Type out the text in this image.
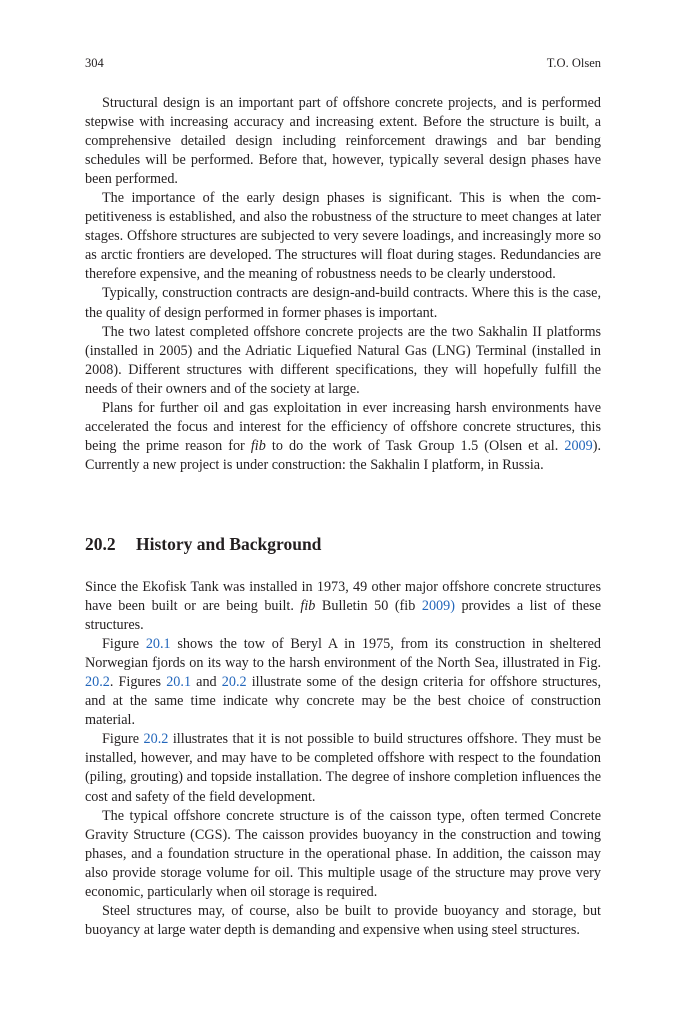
304	T.O. Olsen

Structural design is an important part of offshore concrete projects, and is performed stepwise with increasing accuracy and increasing extent. Before the structure is built, a comprehensive detailed design including reinforcement drawings and bar bending schedules will be performed. Before that, however, typically several design phases have been performed.

The importance of the early design phases is significant. This is when the competitiveness is established, and also the robustness of the structure to meet changes at later stages. Offshore structures are subjected to very severe loadings, and increasingly more so as arctic frontiers are developed. The structures will float during stages. Redundancies are therefore expensive, and the meaning of robustness needs to be clearly understood.

Typically, construction contracts are design-and-build contracts. Where this is the case, the quality of design performed in former phases is important.

The two latest completed offshore concrete projects are the two Sakhalin II platforms (installed in 2005) and the Adriatic Liquefied Natural Gas (LNG) Terminal (installed in 2008). Different structures with different specifications, they will hopefully fulfill the needs of their owners and of the society at large.

Plans for further oil and gas exploitation in ever increasing harsh environments have accelerated the focus and interest for the efficiency of offshore concrete structures, this being the prime reason for fib to do the work of Task Group 1.5 (Olsen et al. 2009). Currently a new project is under construction: the Sakhalin I platform, in Russia.

20.2 History and Background

Since the Ekofisk Tank was installed in 1973, 49 other major offshore concrete structures have been built or are being built. fib Bulletin 50 (fib 2009) provides a list of these structures.

Figure 20.1 shows the tow of Beryl A in 1975, from its construction in sheltered Norwegian fjords on its way to the harsh environment of the North Sea, illustrated in Fig. 20.2. Figures 20.1 and 20.2 illustrate some of the design criteria for offshore structures, and at the same time indicate why concrete may be the best choice of construction material.

Figure 20.2 illustrates that it is not possible to build structures offshore. They must be installed, however, and may have to be completed offshore with respect to the foundation (piling, grouting) and topside installation. The degree of inshore completion influences the cost and safety of the field development.

The typical offshore concrete structure is of the caisson type, often termed Concrete Gravity Structure (CGS). The caisson provides buoyancy in the construction and towing phases, and a foundation structure in the operational phase. In addition, the caisson may also provide storage volume for oil. This multiple usage of the structure may prove very economic, particularly when oil storage is required.

Steel structures may, of course, also be built to provide buoyancy and storage, but buoyancy at large water depth is demanding and expensive when using steel structures.
